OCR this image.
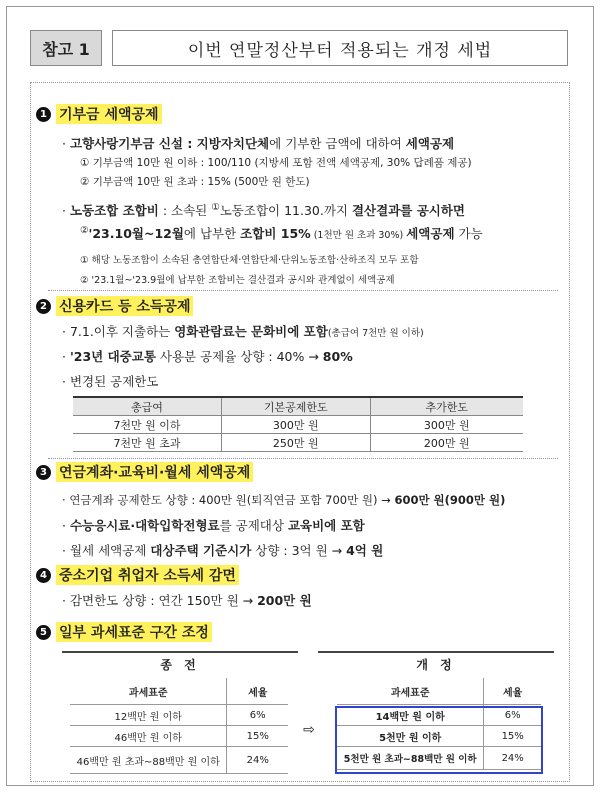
참고 1	이번 연말정산부터 적용되는 개정 세법
1 기부금 세액공제
· 고향사랑기부금 신설 : 지방자치단체에 기부한 금액에 대하여 세액공제
① 기부금액 10만 원 이하 : 100/110 (지방세 포함 전액 세액공제, 30% 답례품 제공)
② 기부금액 10만 원 초과 : 15% (500만 원 한도)
· 노동조합 조합비 : 소속된 ①노동조합이 11.30.까지 결산결과를 공시하면
②'23.10월~12월에 납부한 조합비 15% (1천만 원 초과 30%) 세액공제 가능
① 해당 노동조합이 소속된 총연합단체·연합단체·단위노동조합·산하조직 모두 포함
② '23.1월~'23.9월에 납부한 조합비는 결산결과 공시와 관계없이 세액공제
2 신용카드 등 소득공제
· 7.1.이후 지출하는 영화관람료는 문화비에 포함(총급여 7천만 원 이하)
· '23년 대중교통 사용분 공제율 상향 : 40% → 80%
· 변경된 공제한도
총급여	기본공제한도	추가한도
7천만 원 이하	300만 원	300만 원
7천만 원 초과	250만 원	200만 원
3 연금계좌·교육비·월세 세액공제
· 연금계좌 공제한도 상향 : 400만 원(퇴직연금 포함 700만 원) → 600만 원(900만 원)
· 수능응시료·대학입학전형료를 공제대상 교육비에 포함
· 월세 세액공제 대상주택 기준시가 상향 : 3억 원 → 4억 원
4 중소기업 취업자 소득세 감면
· 감면한도 상향 : 연간 150만 원 → 200만 원
5 일부 과세표준 구간 조정
종 전	개 정
과세표준	세율
12백만 원 이하	6%
46백만 원 이하	15%
46백만 원 초과~88백만 원 이하	24%
⇨
과세표준	세율
14백만 원 이하	6%
5천만 원 이하	15%
5천만 원 초과~88백만 원 이하	24%
